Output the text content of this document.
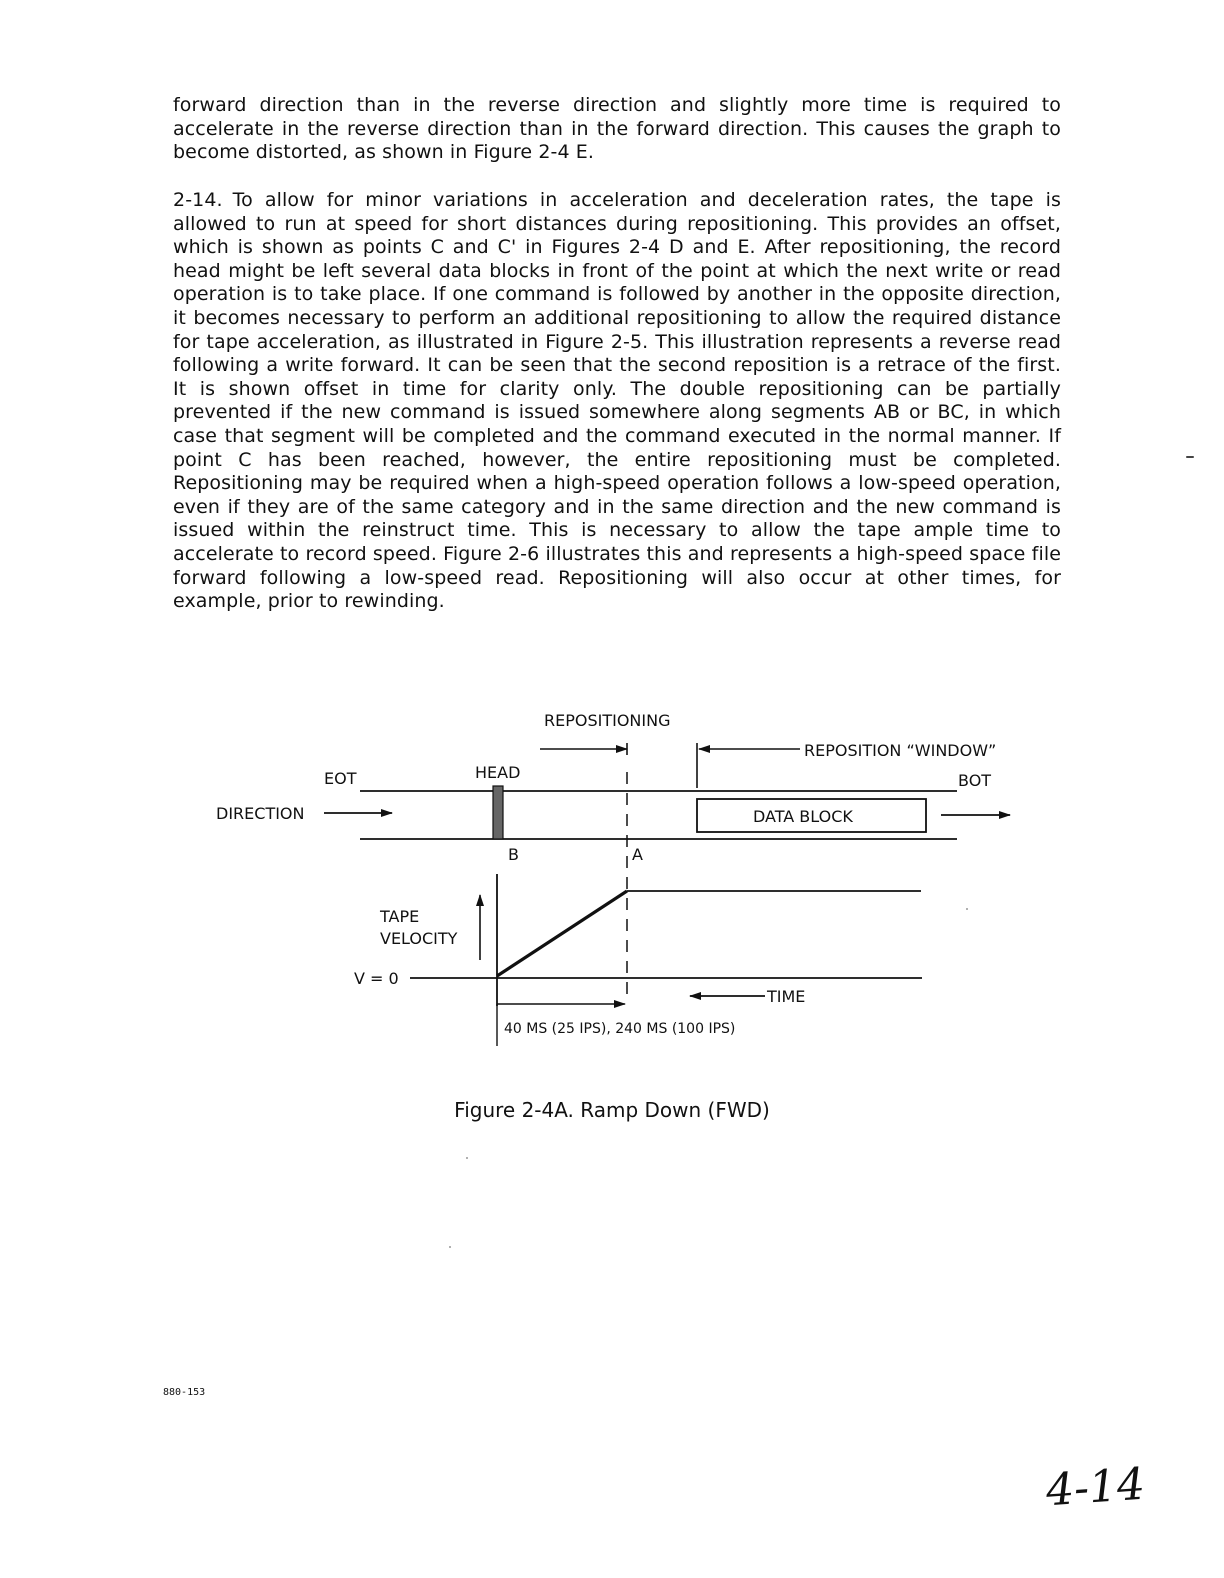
forward direction than in the reverse direction and slightly more time is required to accelerate in the reverse direction than in the forward direction. This causes the graph to become distorted, as shown in Figure 2-4 E.

2-14. To allow for minor variations in acceleration and deceleration rates, the tape is allowed to run at speed for short distances during repositioning. This provides an offset, which is shown as points C and C' in Figures 2-4 D and E. After repositioning, the record head might be left several data blocks in front of the point at which the next write or read operation is to take place. If one command is followed by another in the opposite direction, it becomes necessary to perform an additional repositioning to allow the required distance for tape acceleration, as illustrated in Figure 2-5. This illustration represents a reverse read following a write forward. It can be seen that the second reposition is a retrace of the first. It is shown offset in time for clarity only. The double repositioning can be partially prevented if the new command is issued somewhere along segments AB or BC, in which case that segment will be completed and the command executed in the normal manner. If point C has been reached, however, the entire repositioning must be completed. Repositioning may be required when a high-speed operation follows a low-speed operation, even if they are of the same category and in the same direction and the new command is issued within the reinstruct time. This is necessary to allow the tape ample time to accelerate to record speed. Figure 2-6 illustrates this and represents a high-speed space file forward following a low-speed read. Repositioning will also occur at other times, for example, prior to rewinding.

REPOSITIONING
REPOSITION “WINDOW”
EOT	HEAD	BOT
DIRECTION	DATA BLOCK
B	A
TAPE
VELOCITY
V = 0
TIME
40 MS (25 IPS), 240 MS (100 IPS)

Figure 2-4A. Ramp Down (FWD)

880-153
4-14
